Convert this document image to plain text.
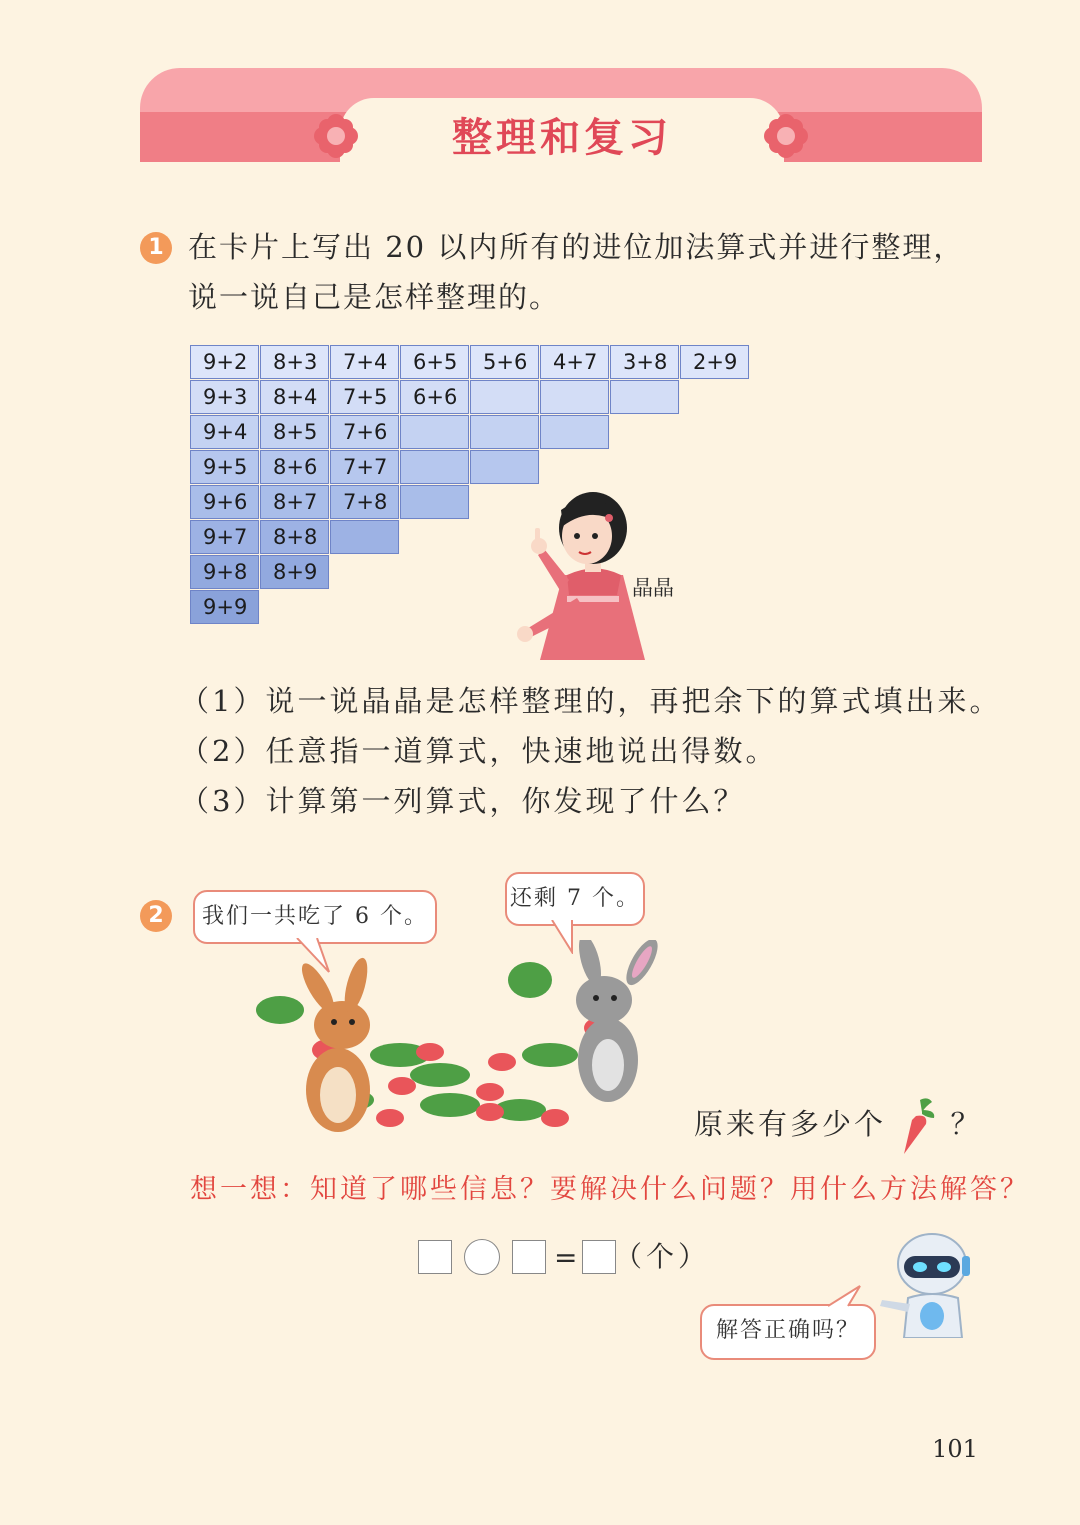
整理和复习
1 在卡片上写出 20 以内所有的进位加法算式并进行整理，
说一说自己是怎样整理的。
9+2	8+3	7+4	6+5	5+6	4+7	3+8	2+9
9+3	8+4	7+5	6+6
9+4	8+5	7+6
9+5	8+6	7+7
9+6	8+7	7+8
9+7	8+8
9+8	8+9
9+9
晶晶
（1）说一说晶晶是怎样整理的，再把余下的算式填出来。
（2）任意指一道算式，快速地说出得数。
（3）计算第一列算式，你发现了什么？
2	我们一共吃了 6 个。
还剩 7 个。
原来有多少个 ？
想一想：知道了哪些信息？要解决什么问题？用什么方法解答？
= （个）
解答正确吗？
101
